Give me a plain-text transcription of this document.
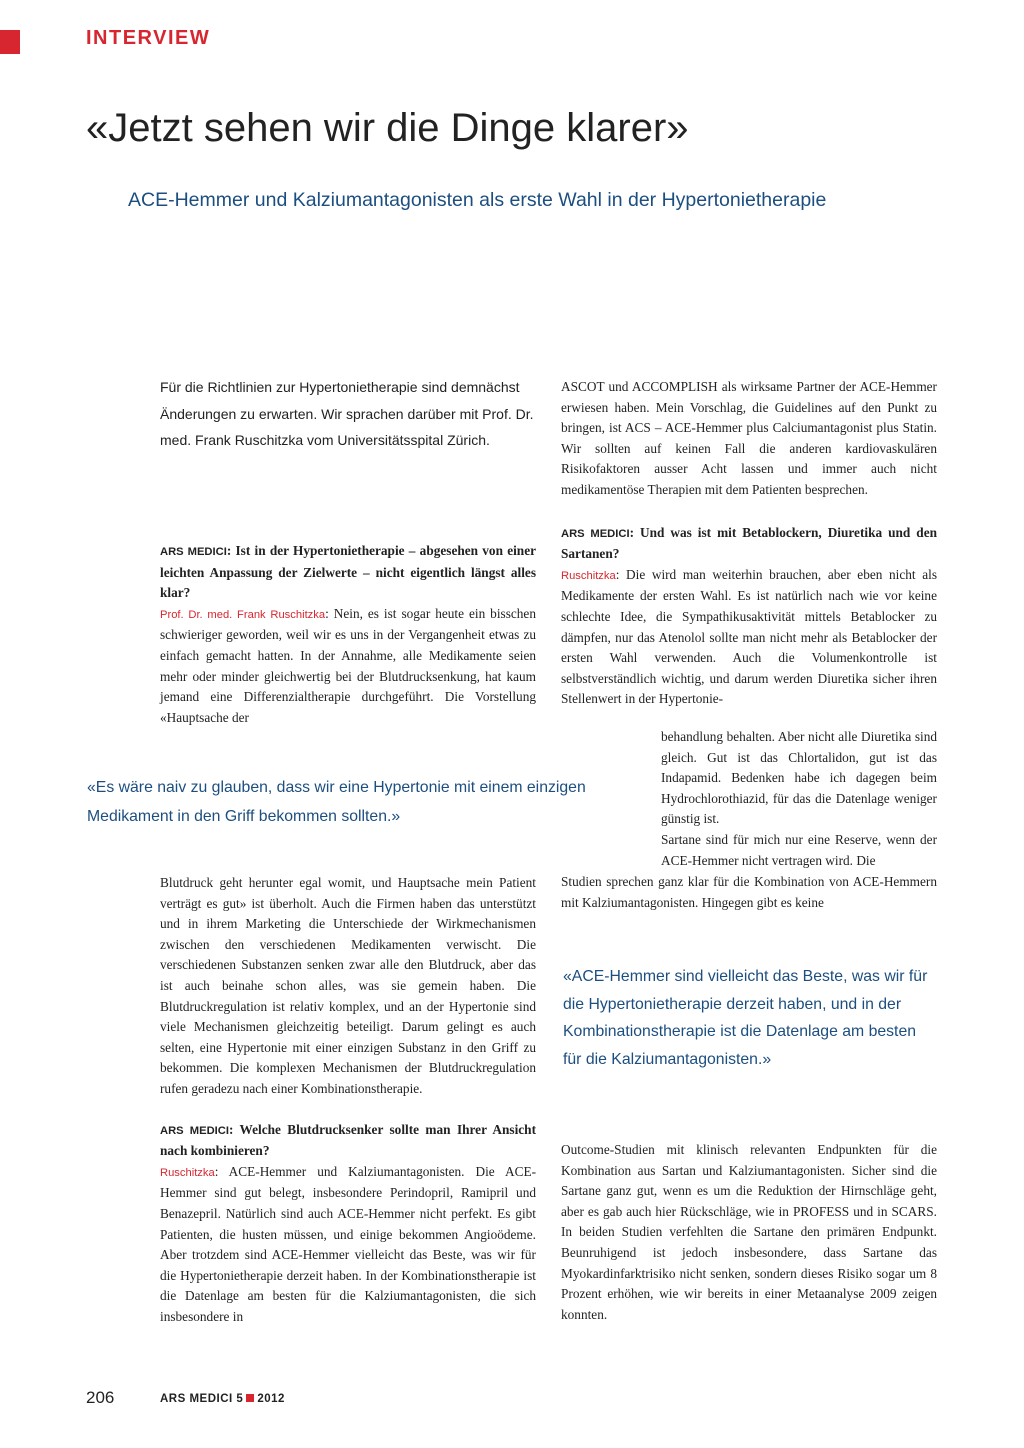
INTERVIEW
«Jetzt sehen wir die Dinge klarer»
ACE-Hemmer und Kalziumantagonisten als erste Wahl in der Hypertonietherapie

Für die Richtlinien zur Hypertonietherapie sind demnächst Änderungen zu erwarten. Wir sprachen darüber mit Prof. Dr. med. Frank Ruschitzka vom Universitätsspital Zürich.

ARS MEDICI: Ist in der Hypertonietherapie – abgesehen von einer leichten Anpassung der Zielwerte – nicht eigentlich längst alles klar?

Prof. Dr. med. Frank Ruschitzka: Nein, es ist sogar heute ein bisschen schwieriger geworden, weil wir es uns in der Vergangenheit etwas zu einfach gemacht hatten. In der Annahme, alle Medikamente seien mehr oder minder gleichwertig bei der Blutdrucksenkung, hat kaum jemand eine Differenzialtherapie durchgeführt. Die Vorstellung «Hauptsache der

«Es wäre naiv zu glauben, dass wir eine Hypertonie mit einem einzigen Medikament in den Griff bekommen sollten.»

Blutdruck geht herunter egal womit, und Hauptsache mein Patient verträgt es gut» ist überholt. Auch die Firmen haben das unterstützt und in ihrem Marketing die Unterschiede der Wirkmechanismen zwischen den verschiedenen Medikamenten verwischt. Die verschiedenen Substanzen senken zwar alle den Blutdruck, aber das ist auch beinahe schon alles, was sie gemein haben. Die Blutdruckregulation ist relativ komplex, und an der Hypertonie sind viele Mechanismen gleichzeitig beteiligt. Darum gelingt es auch selten, eine Hypertonie mit einer einzigen Substanz in den Griff zu bekommen. Die komplexen Mechanismen der Blutdruckregulation rufen geradezu nach einer Kombinationstherapie.

ARS MEDICI: Welche Blutdrucksenker sollte man Ihrer Ansicht nach kombinieren?

Ruschitzka: ACE-Hemmer und Kalziumantagonisten. Die ACE-Hemmer sind gut belegt, insbesondere Perindopril, Ramipril und Benazepril. Natürlich sind auch ACE-Hemmer nicht perfekt. Es gibt Patienten, die husten müssen, und einige bekommen Angioödeme. Aber trotzdem sind ACE-Hemmer vielleicht das Beste, was wir für die Hypertonietherapie derzeit haben. In der Kombinationstherapie ist die Datenlage am besten für die Kalziumantagonisten, die sich insbesondere in

ASCOT und ACCOMPLISH als wirksame Partner der ACE-Hemmer erwiesen haben. Mein Vorschlag, die Guidelines auf den Punkt zu bringen, ist ACS – ACE-Hemmer plus Calciumantagonist plus Statin. Wir sollten auf keinen Fall die anderen kardiovaskulären Risikofaktoren ausser Acht lassen und immer auch nicht medikamentöse Therapien mit dem Patienten besprechen.

ARS MEDICI: Und was ist mit Betablockern, Diuretika und den Sartanen?

Ruschitzka: Die wird man weiterhin brauchen, aber eben nicht als Medikamente der ersten Wahl. Es ist natürlich nach wie vor keine schlechte Idee, die Sympathikusaktivität mittels Betablocker zu dämpfen, nur das Atenolol sollte man nicht mehr als Betablocker der ersten Wahl verwenden. Auch die Volumenkontrolle ist selbstverständlich wichtig, und darum werden Diuretika sicher ihren Stellenwert in der Hypertonie-

behandlung behalten. Aber nicht alle Diuretika sind gleich. Gut ist das Chlortalidon, gut ist das Indapamid. Bedenken habe ich dagegen beim Hydrochlorothiazid, für das die Datenlage weniger günstig ist.

Sartane sind für mich nur eine Reserve, wenn der ACE-Hemmer nicht vertragen wird. Die

Studien sprechen ganz klar für die Kombination von ACE-Hemmern mit Kalziumantagonisten. Hingegen gibt es keine

«ACE-Hemmer sind vielleicht das Beste, was wir für die Hypertonietherapie derzeit haben, und in der Kombinationstherapie ist die Datenlage am besten für die Kalziumantagonisten.»

Outcome-Studien mit klinisch relevanten Endpunkten für die Kombination aus Sartan und Kalziumantagonisten. Sicher sind die Sartane ganz gut, wenn es um die Reduktion der Hirnschläge geht, aber es gab auch hier Rückschläge, wie in PROFESS und in SCARS. In beiden Studien verfehlten die Sartane den primären Endpunkt. Beunruhigend ist jedoch insbesondere, dass Sartane das Myokardinfarktrisiko nicht senken, sondern dieses Risiko sogar um 8 Prozent erhöhen, wie wir bereits in einer Metaanalyse 2009 zeigen konnten.

206	ARS MEDICI 5 2012
